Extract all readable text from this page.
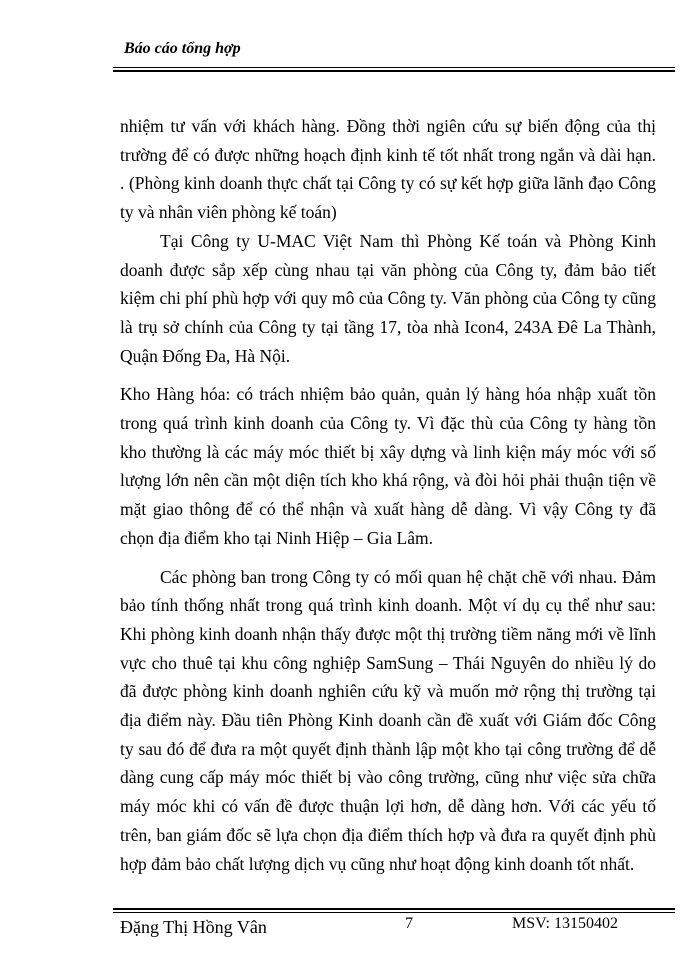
Báo cáo tổng hợp

nhiệm tư vấn với khách hàng. Đồng thời ngiên cứu sự biến động của thị trường để có được những hoạch định kinh tế tốt nhất trong ngắn và dài hạn. . (Phòng kinh doanh thực chất tại Công ty có sự kết hợp giữa lãnh đạo Công ty và nhân viên phòng kế toán)

Tại Công ty U-MAC Việt Nam thì Phòng Kế toán và Phòng Kinh doanh được sắp xếp cùng nhau tại văn phòng của Công ty, đảm bảo tiết kiệm chi phí phù hợp với quy mô của Công ty. Văn phòng của Công ty cũng là trụ sở chính của Công ty tại tầng 17, tòa nhà Icon4, 243A Đê La Thành, Quận Đống Đa, Hà Nội.

Kho Hàng hóa: có trách nhiệm bảo quản, quản lý hàng hóa nhập xuất tồn trong quá trình kinh doanh của Công ty. Vì đặc thù của Công ty hàng tồn kho thường là các máy móc thiết bị xây dựng và linh kiện máy móc với số lượng lớn nên cần một diện tích kho khá rộng, và đòi hỏi phải thuận tiện về mặt giao thông để có thể nhận và xuất hàng dễ dàng. Vì vậy Công ty đã chọn địa điểm kho tại Ninh Hiệp – Gia Lâm.

Các phòng ban trong Công ty có mối quan hệ chặt chẽ với nhau. Đảm bảo tính thống nhất trong quá trình kinh doanh. Một ví dụ cụ thể như sau: Khi phòng kinh doanh nhận thấy được một thị trường tiềm năng mới về lĩnh vực cho thuê tại khu công nghiệp SamSung – Thái Nguyên do nhiều lý do đã được phòng kinh doanh nghiên cứu kỹ và muốn mở rộng thị trường tại địa điểm này. Đầu tiên Phòng Kinh doanh cần đề xuất với Giám đốc Công ty sau đó để đưa ra một quyết định thành lập một kho tại công trường để dễ dàng cung cấp máy móc thiết bị vào công trường, cũng như việc sửa chữa máy móc khi có vấn đề được thuận lợi hơn, dễ dàng hơn. Với các yếu tố trên, ban giám đốc sẽ lựa chọn địa điểm thích hợp và đưa ra quyết định phù hợp đảm bảo chất lượng dịch vụ cũng như hoạt động kinh doanh tốt nhất.

Đặng Thị Hồng Vân	7	MSV: 13150402
